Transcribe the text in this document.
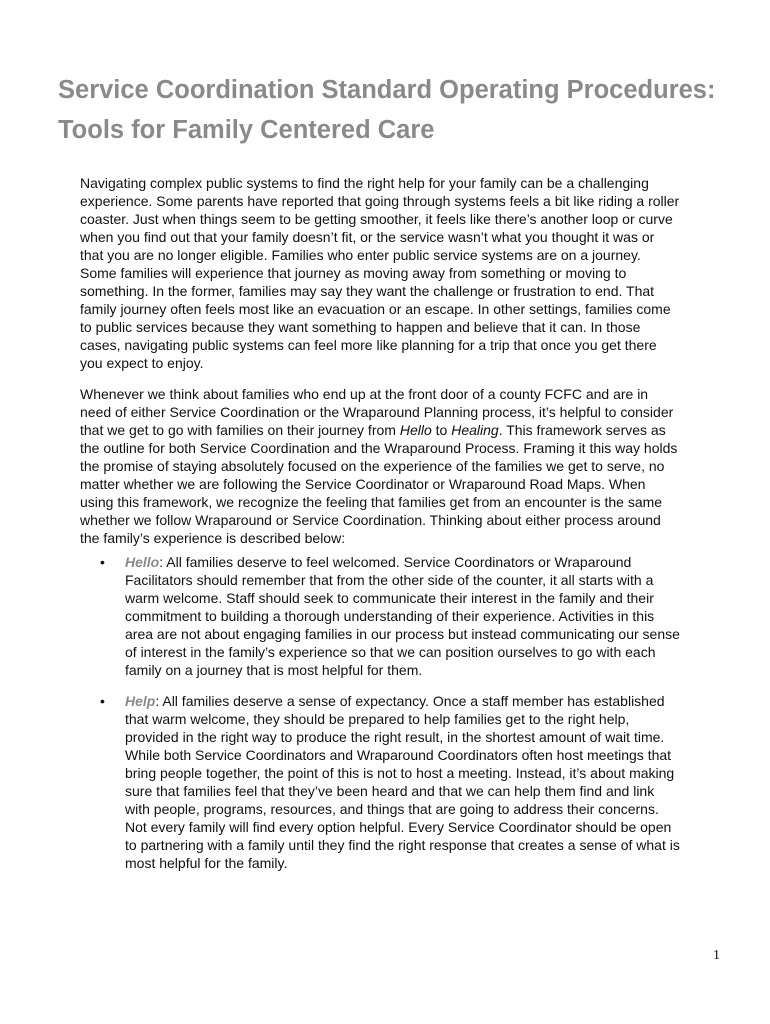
Service Coordination Standard Operating Procedures: Tools for Family Centered Care

Navigating complex public systems to find the right help for your family can be a challenging experience. Some parents have reported that going through systems feels a bit like riding a roller coaster. Just when things seem to be getting smoother, it feels like there’s another loop or curve when you find out that your family doesn’t fit, or the service wasn’t what you thought it was or that you are no longer eligible. Families who enter public service systems are on a journey. Some families will experience that journey as moving away from something or moving to something. In the former, families may say they want the challenge or frustration to end. That family journey often feels most like an evacuation or an escape. In other settings, families come to public services because they want something to happen and believe that it can. In those cases, navigating public systems can feel more like planning for a trip that once you get there you expect to enjoy.

Whenever we think about families who end up at the front door of a county FCFC and are in need of either Service Coordination or the Wraparound Planning process, it’s helpful to consider that we get to go with families on their journey from Hello to Healing. This framework serves as the outline for both Service Coordination and the Wraparound Process. Framing it this way holds the promise of staying absolutely focused on the experience of the families we get to serve, no matter whether we are following the Service Coordinator or Wraparound Road Maps. When using this framework, we recognize the feeling that families get from an encounter is the same whether we follow Wraparound or Service Coordination. Thinking about either process around the family’s experience is described below:

• Hello: All families deserve to feel welcomed. Service Coordinators or Wraparound Facilitators should remember that from the other side of the counter, it all starts with a warm welcome. Staff should seek to communicate their interest in the family and their commitment to building a thorough understanding of their experience. Activities in this area are not about engaging families in our process but instead communicating our sense of interest in the family’s experience so that we can position ourselves to go with each family on a journey that is most helpful for them.
• Help: All families deserve a sense of expectancy. Once a staff member has established that warm welcome, they should be prepared to help families get to the right help, provided in the right way to produce the right result, in the shortest amount of wait time. While both Service Coordinators and Wraparound Coordinators often host meetings that bring people together, the point of this is not to host a meeting. Instead, it’s about making sure that families feel that they’ve been heard and that we can help them find and link with people, programs, resources, and things that are going to address their concerns. Not every family will find every option helpful. Every Service Coordinator should be open to partnering with a family until they find the right response that creates a sense of what is most helpful for the family.
1
